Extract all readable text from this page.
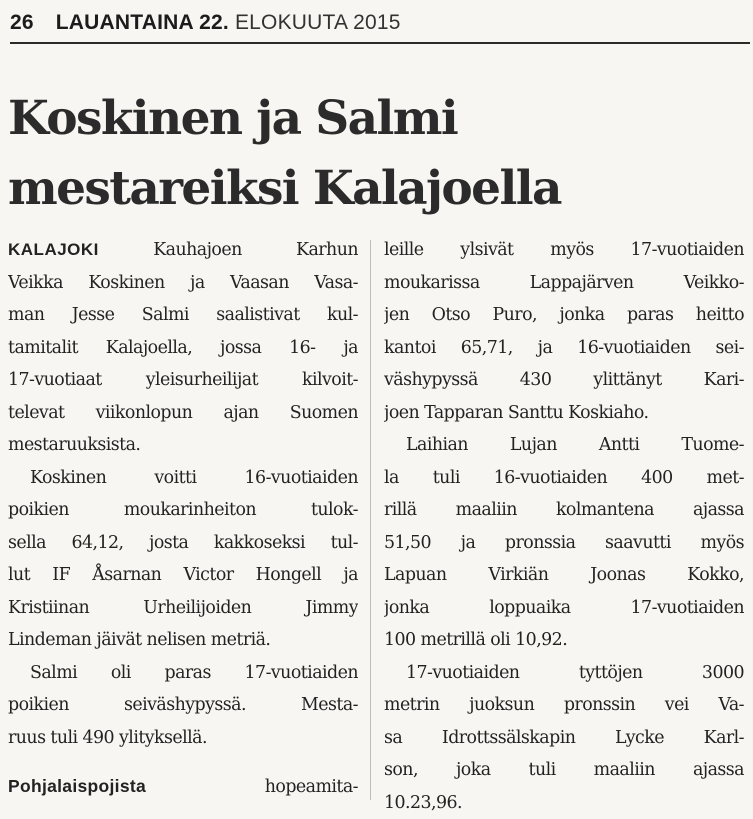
26 LAUANTAINA 22. ELOKUUTA 2015
Koskinen ja Salmi
mestareiksi Kalajoella
KALAJOKI	Kauhajoen Karhun
Veikka Koskinen ja Vaasan Vasa-
man Jesse Salmi saalistivat kul-
tamitalit Kalajoella, jossa 16- ja
17-vuotiaat yleisurheilijat kilvoit-
televat viikonlopun ajan Suomen
mestaruuksista.
Koskinen voitti 16-vuotiaiden
poikien moukarinheiton tulok-
sella 64,12, josta kakkoseksi tul-
lut IF Åsarnan Victor Hongell ja
Kristiinan Urheilijoiden Jimmy
Lindeman jäivät nelisen metriä.
Salmi oli paras 17-vuotiaiden
poikien seiväshypyssä. Mesta-
ruus tuli 490 ylityksellä.
Pohjalaispojista	hopeamita-
leille ylsivät myös 17-vuotiaiden
moukarissa Lappajärven Veikko-
jen Otso Puro, jonka paras heitto
kantoi 65,71, ja 16-vuotiaiden sei-
väshypyssä 430 ylittänyt Kari-
joen Tapparan Santtu Koskiaho.
Laihian Lujan Antti Tuome-
la tuli 16-vuotiaiden 400 met-
rillä maaliin kolmantena ajassa
51,50 ja pronssia saavutti myös
Lapuan Virkiän Joonas Kokko,
jonka loppuaika 17-vuotiaiden
100 metrillä oli 10,92.
17-vuotiaiden tyttöjen 3000
metrin juoksun pronssin vei Va-
sa Idrottssälskapin Lycke Karl-
son, joka tuli maaliin ajassa
10.23,96.
